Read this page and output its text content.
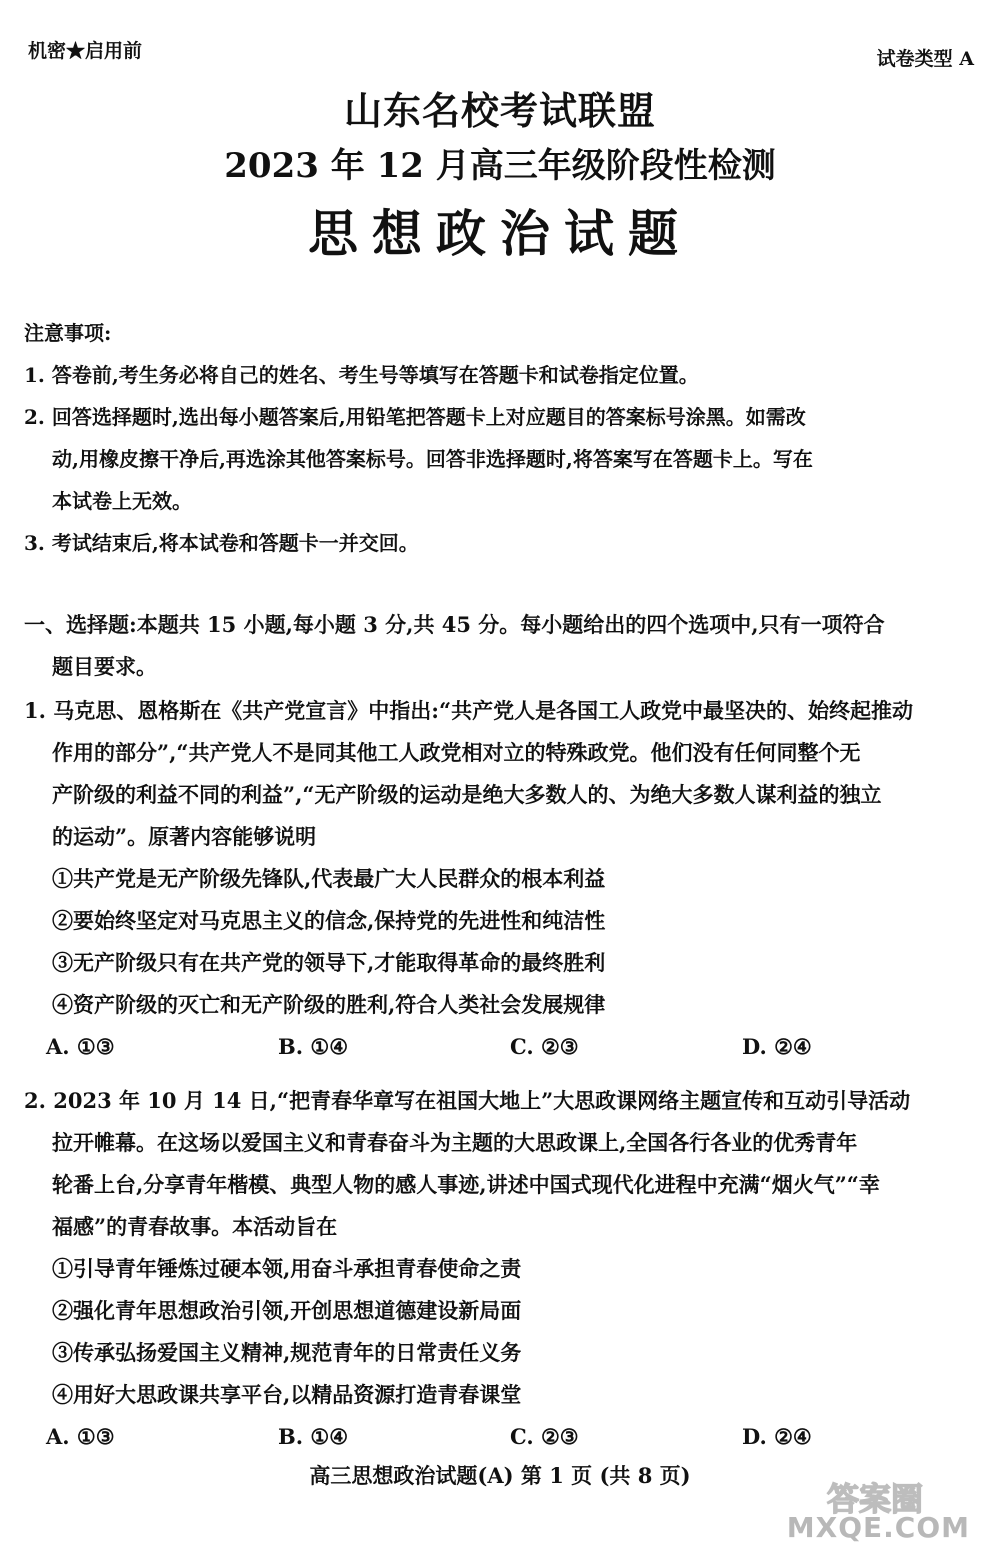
机密★启用前	试卷类型 A
山东名校考试联盟
2023 年 12 月高三年级阶段性检测
思想政治试题

注意事项:

1. 答卷前,考生务必将自己的姓名、考生号等填写在答题卡和试卷指定位置。

2. 回答选择题时,选出每小题答案后,用铅笔把答题卡上对应题目的答案标号涂黑。如需改

动,用橡皮擦干净后,再选涂其他答案标号。回答非选择题时,将答案写在答题卡上。写在

本试卷上无效。

3. 考试结束后,将本试卷和答题卡一并交回。

一、选择题:本题共 15 小题,每小题 3 分,共 45 分。每小题给出的四个选项中,只有一项符合

题目要求。

1. 马克思、恩格斯在《共产党宣言》中指出:“共产党人是各国工人政党中最坚决的、始终起推动

作用的部分”,“共产党人不是同其他工人政党相对立的特殊政党。他们没有任何同整个无

产阶级的利益不同的利益”,“无产阶级的运动是绝大多数人的、为绝大多数人谋利益的独立

的运动”。原著内容能够说明

①共产党是无产阶级先锋队,代表最广大人民群众的根本利益

②要始终坚定对马克思主义的信念,保持党的先进性和纯洁性

③无产阶级只有在共产党的领导下,才能取得革命的最终胜利

④资产阶级的灭亡和无产阶级的胜利,符合人类社会发展规律

A. ①③	B. ①④	C. ②③	D. ②④

2. 2023 年 10 月 14 日,“把青春华章写在祖国大地上”大思政课网络主题宣传和互动引导活动

拉开帷幕。在这场以爱国主义和青春奋斗为主题的大思政课上,全国各行各业的优秀青年

轮番上台,分享青年楷模、典型人物的感人事迹,讲述中国式现代化进程中充满“烟火气”“幸

福感”的青春故事。本活动旨在

①引导青年锤炼过硬本领,用奋斗承担青春使命之责

②强化青年思想政治引领,开创思想道德建设新局面

③传承弘扬爱国主义精神,规范青年的日常责任义务

④用好大思政课共享平台,以精品资源打造青春课堂

A. ①③	B. ①④	C. ②③	D. ②④
高三思想政治试题(A) 第 1 页 (共 8 页)
答案圈
MXQE.COM
